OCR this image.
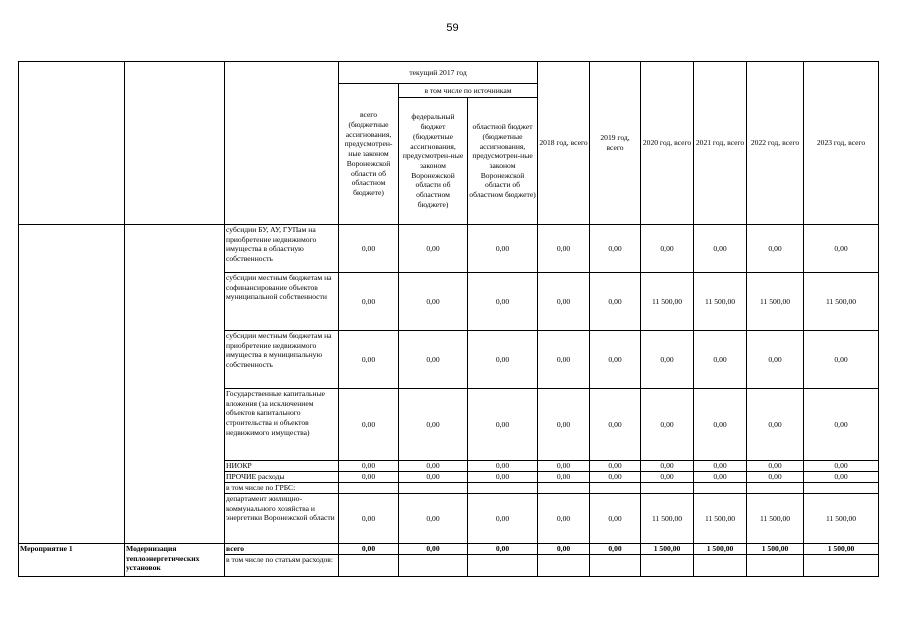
59
			текущий 2017 год			2018 год, всего	2019 год, всего	2020 год, всего	2021 год, всего	2022 год, всего	2023 год, всего
			всего (бюджетные ассигнования, предусмотрен-ные законом Воронежской области об областном бюджете)	в том числе по источникам							
				федеральный бюджет (бюджетные ассигнования, предусмотрен-ные законом Воронежской области об областном бюджете)	областной бюджет (бюджетные ассигнования, предусмотрен-ные законом Воронежской области об областном бюджете)						
		субсидии БУ, АУ, ГУПам на приобретение недвижимого имущества в областную собственность	0,00	0,00	0,00	0,00	0,00	0,00	0,00	0,00	0,00
		субсидии местным бюджетам на софинансирование объектов муниципальной собственности	0,00	0,00	0,00	0,00	0,00	11 500,00	11 500,00	11 500,00	11 500,00
		субсидии местным бюджетам на приобретение недвижимого имущества в муниципальную собственность	0,00	0,00	0,00	0,00	0,00	0,00	0,00	0,00	0,00
		Государственные капитальные вложения (за исключением объектов капитального строительства и объектов недвижимого имущества)	0,00	0,00	0,00	0,00	0,00	0,00	0,00	0,00	0,00
		НИОКР	0,00	0,00	0,00	0,00	0,00	0,00	0,00	0,00	0,00
		ПРОЧИЕ расходы	0,00	0,00	0,00	0,00	0,00	0,00	0,00	0,00	0,00
		в том числе по ГРБС:									
		департамент жилищно-коммунального хозяйства и энергетики Воронежской области	0,00	0,00	0,00	0,00	0,00	11 500,00	11 500,00	11 500,00	11 500,00
Мероприятие 1	Модернизация теплоэнергетических установок	всего	0,00	0,00	0,00	0,00	0,00	1 500,00	1 500,00	1 500,00	1 500,00
		в том числе по статьям расходов:									
